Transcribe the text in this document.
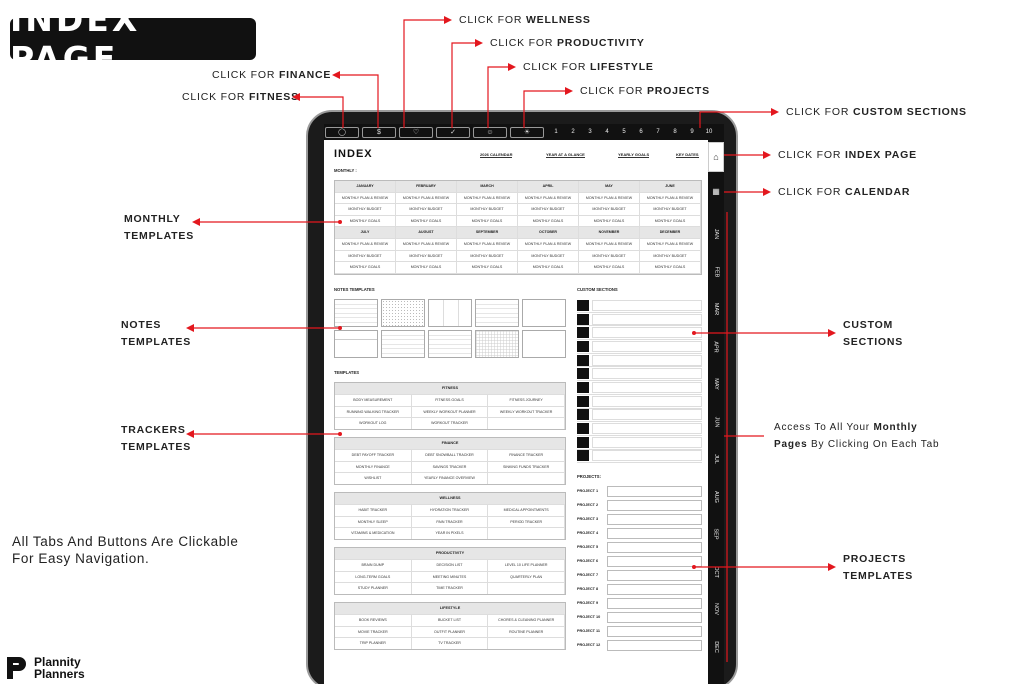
INDEX PAGE
CLICK FOR WELLNESS
CLICK FOR PRODUCTIVITY
CLICK FOR FINANCE
CLICK FOR LIFESTYLE
CLICK FOR FITNESS	CLICK FOR PROJECTS
CLICK FOR CUSTOM SECTIONS
CLICK FOR INDEX PAGE
CLICK FOR CALENDAR
MONTHLY
TEMPLATES
NOTES
TEMPLATES
TRACKERS
TEMPLATES
CUSTOM
SECTIONS
PROJECTS
TEMPLATES
Access To All Your Monthly
Pages By Clicking On Each Tab
All Tabs And Buttons Are Clickable
For Easy Navigation.
◯	$	♡	✓	☺	☀	1	2	3	4	5	6	7	8	9	10
⌂
▦
JAN
FEB
MAR
APR
MAY
JUN
JUL
AUG
SEP
OCT
NOV
DEC
INDEX	2026 CALENDAR	YEAR AT A GLANCE	YEARLY GOALS	KEY DATES
MONTHLY :
JANUARY	FEBRUARY	MARCH	APRIL	MAY	JUNE
MONTHLY PLAN & REVIEW	MONTHLY PLAN & REVIEW	MONTHLY PLAN & REVIEW	MONTHLY PLAN & REVIEW	MONTHLY PLAN & REVIEW	MONTHLY PLAN & REVIEW
MONTHLY BUDGET	MONTHLY BUDGET	MONTHLY BUDGET	MONTHLY BUDGET	MONTHLY BUDGET	MONTHLY BUDGET
MONTHLY GOALS	MONTHLY GOALS	MONTHLY GOALS	MONTHLY GOALS	MONTHLY GOALS	MONTHLY GOALS
JULY	AUGUST	SEPTEMBER	OCTOBER	NOVEMBER	DECEMBER
MONTHLY PLAN & REVIEW	MONTHLY PLAN & REVIEW	MONTHLY PLAN & REVIEW	MONTHLY PLAN & REVIEW	MONTHLY PLAN & REVIEW	MONTHLY PLAN & REVIEW
MONTHLY BUDGET	MONTHLY BUDGET	MONTHLY BUDGET	MONTHLY BUDGET	MONTHLY BUDGET	MONTHLY BUDGET
MONTHLY GOALS	MONTHLY GOALS	MONTHLY GOALS	MONTHLY GOALS	MONTHLY GOALS	MONTHLY GOALS
NOTES TEMPLATES	CUSTOM SECTIONS
TEMPLATES
FITNESS
BODY MEASUREMENT	FITNESS GOALS	FITNESS JOURNEY
RUNNING WALKING TRACKER	WEEKLY WORKOUT PLANNER	WEEKLY WORKOUT TRACKER
WORKOUT LOG	WORKOUT TRACKER
FINANCE
DEBT PAYOFF TRACKER	DEBT SNOWBALL TRACKER	FINANCE TRACKER
MONTHLY FINANCE	SAVINGS TRACKER	SINKING FUNDS TRACKER
WISHLIST	YEARLY FINANCE OVERVIEW
WELLNESS
HABIT TRACKER	HYDRATION TRACKER	MEDICAL APPOINTMENTS
MONTHLY SLEEP	PAIN TRACKER	PERIOD TRACKER
VITAMINS & MEDICATION	YEAR IN PIXELS
PRODUCTIVITY
BRAIN DUMP	DECISION LIST	LEVEL 10 LIFE PLANNER
LONG-TERM GOALS	MEETING MINUTES	QUARTERLY PLAN
STUDY PLANNER	TIME TRACKER
LIFESTYLE
BOOK REVIEWS	BUCKET LIST	CHORES & CLEANING PLANNER
MOVIE TRACKER	OUTFIT PLANNER	ROUTINE PLANNER
TRIP PLANNER	TV TRACKER
PROJECTS:
PROJECT 1
PROJECT 2
PROJECT 3
PROJECT 4
PROJECT 5
PROJECT 6
PROJECT 7
PROJECT 8
PROJECT 9
PROJECT 10
PROJECT 11
PROJECT 12
Plannity
Planners
